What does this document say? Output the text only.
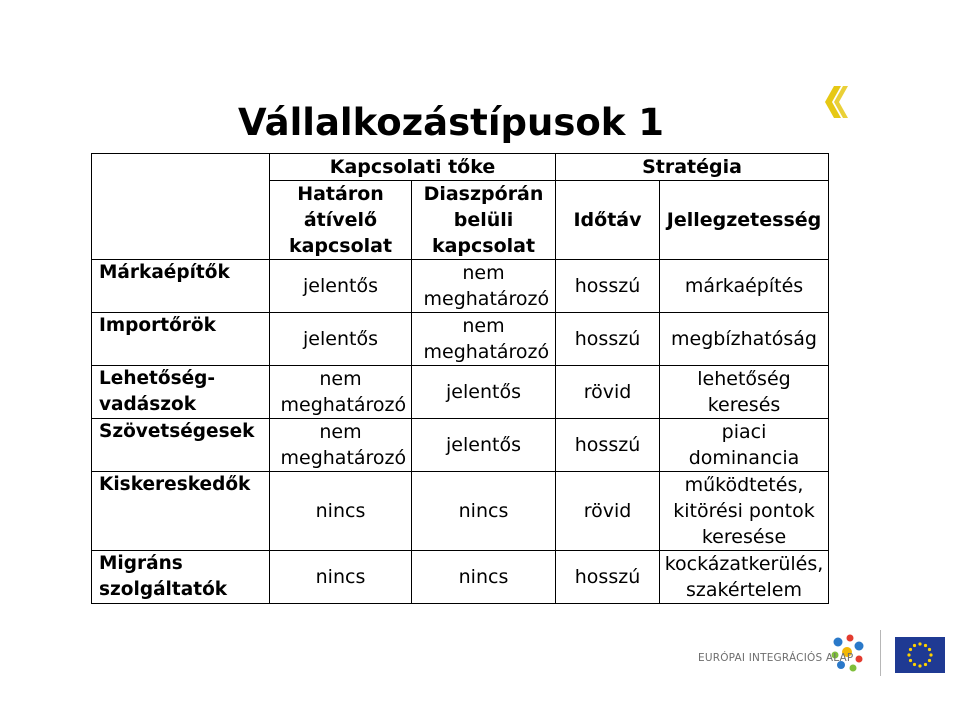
Vállalkozástípusok 1
	Kapcsolati tőke		Stratégia	

	Határon átívelő kapcsolat	Diaszpórán belüli kapcsolat	Időtáv	Jellegzetesség
Márkaépítők	jelentős	nem meghatározó	hosszú	márkaépítés
Importőrök	jelentős	nem meghatározó	hosszú	megbízhatóság

Lehetőség-vadászok	nem meghatározó	jelentős	rövid	lehetőség keresés

Szövetségesek	nem meghatározó	jelentős	hosszú	piaci dominancia

Kiskereskedők	nincs	nincs	rövid	működtetés, kitörési pontok keresése

Migráns szolgáltatók	nincs	nincs	hosszú	kockázatkerülés, szakértelem
EURÓPAI INTEGRÁCIÓS ALAP
